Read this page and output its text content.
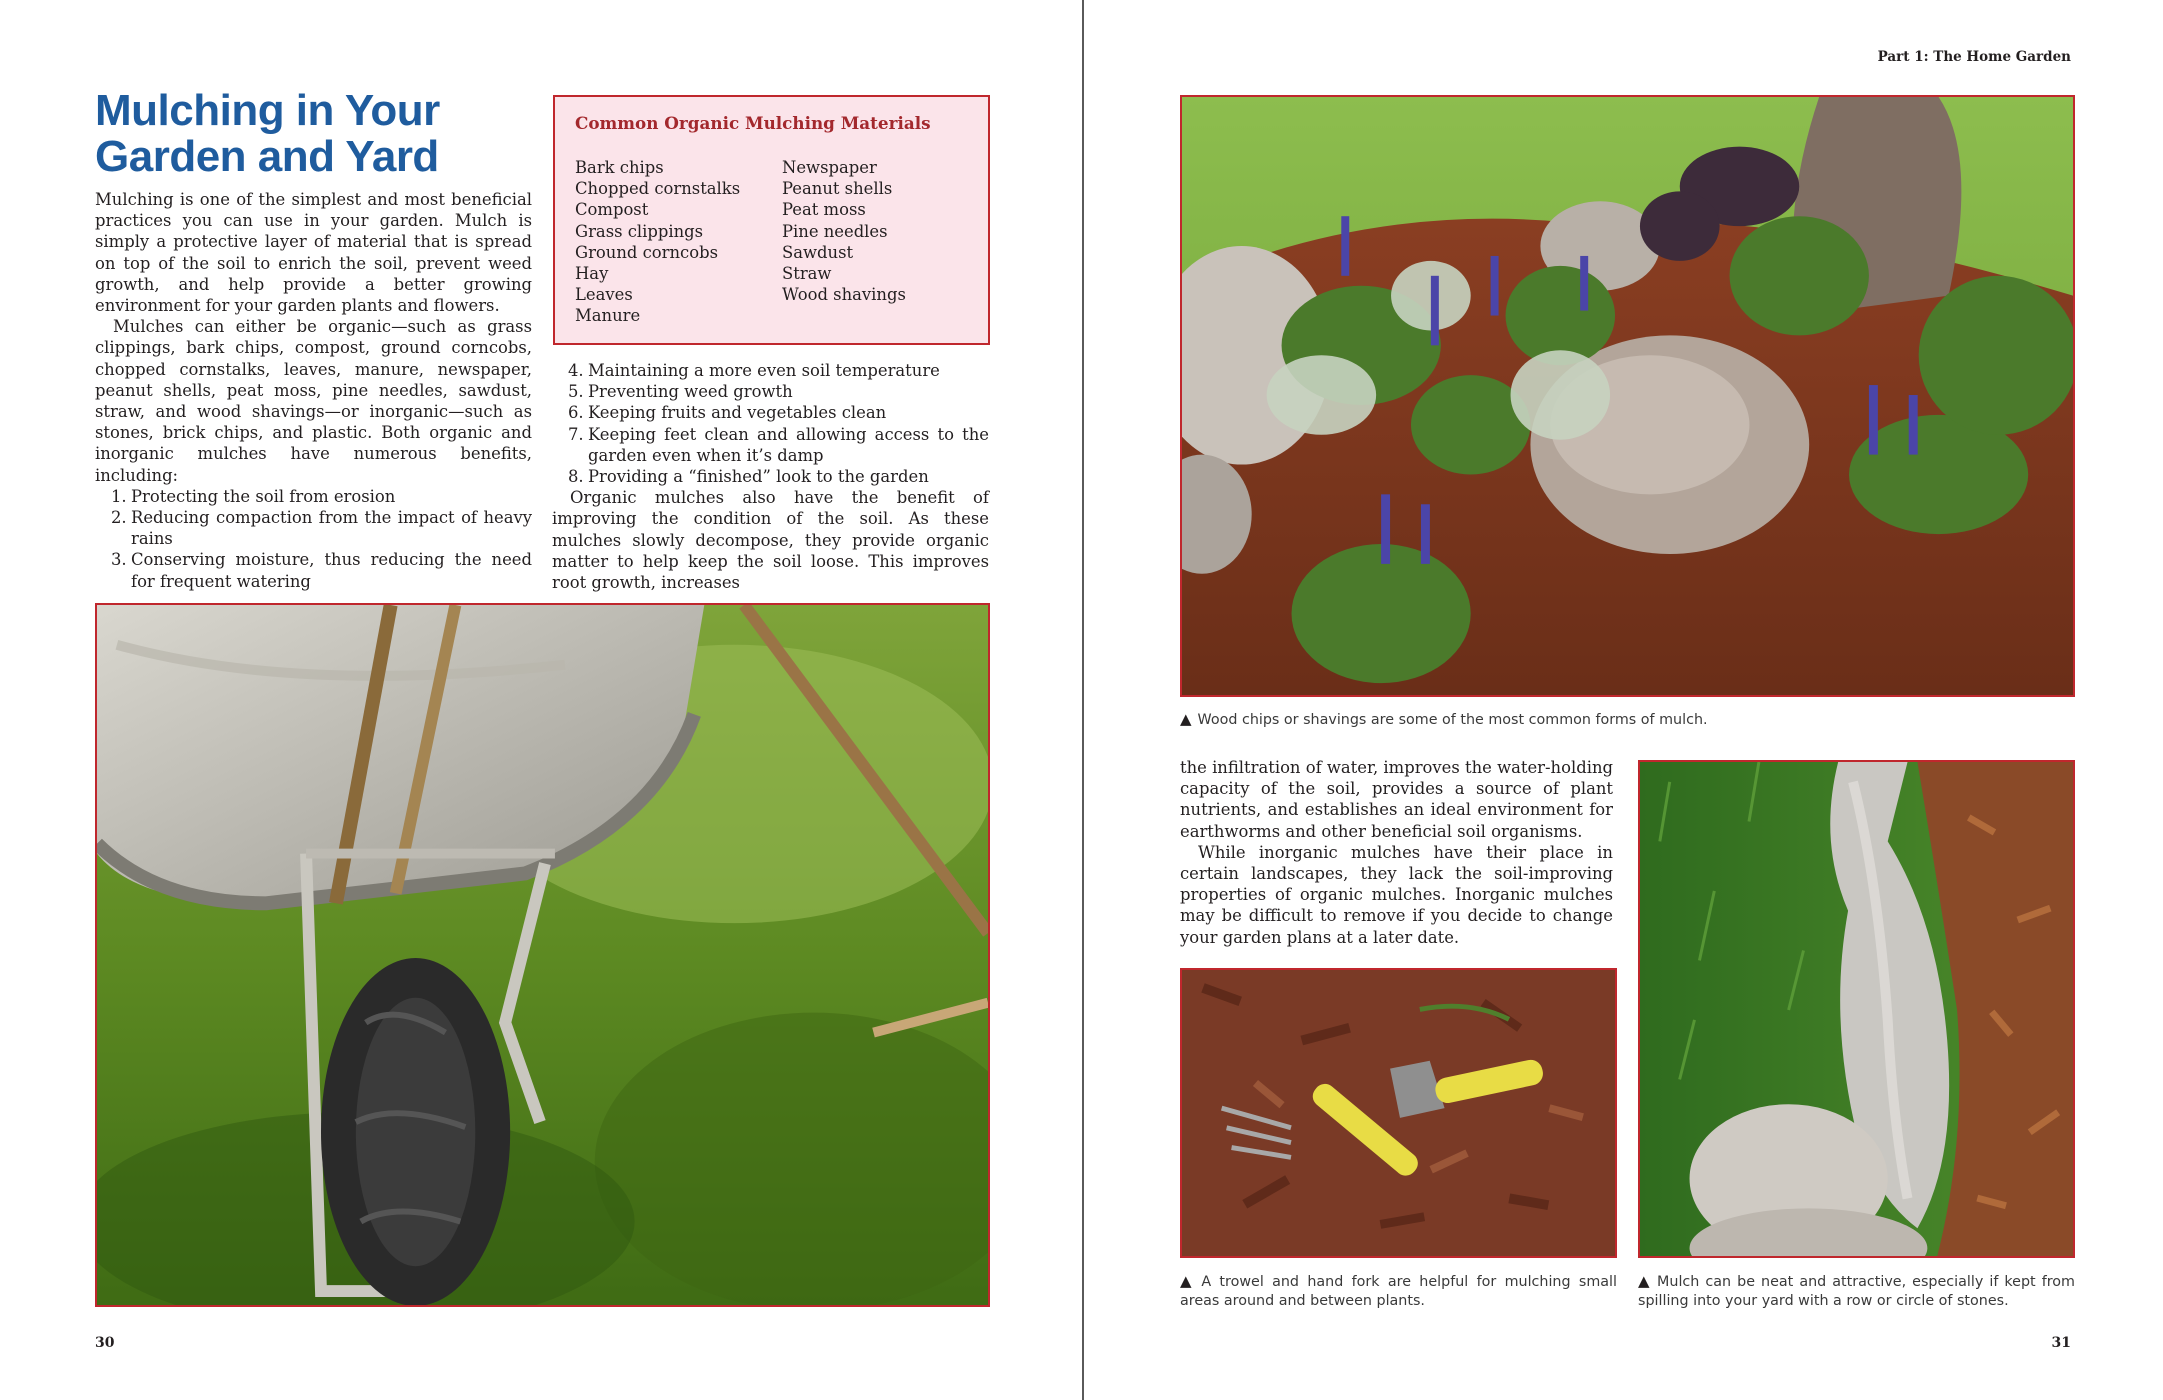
Mulching in Your
Garden and Yard

Mulching is one of the simplest and most beneficial practices you can use in your garden. Mulch is simply a protective layer of material that is spread on top of the soil to enrich the soil, prevent weed growth, and help provide a better growing environment for your garden plants and flowers.

Mulches can either be organic—such as grass clippings, bark chips, compost, ground corncobs, chopped cornstalks, leaves, manure, newspaper, peanut shells, peat moss, pine needles, sawdust, straw, and wood shavings—or inorganic—such as stones, brick chips, and plastic. Both organic and inorganic mulches have numerous benefits, including:

1. Protecting the soil from erosion
2. Reducing compaction from the impact of heavy rains
3. Conserving moisture, thus reducing the need for frequent watering
Common Organic Mulching Materials
Bark chips
Chopped cornstalks
Compost
Grass clippings
Ground corncobs
Hay
Leaves
Manure
Newspaper
Peanut shells
Peat moss
Pine needles
Sawdust
Straw
Wood shavings
4. Maintaining a more even soil temperature
5. Preventing weed growth
6. Keeping fruits and vegetables clean
7. Keeping feet clean and allowing access to the garden even when it’s damp
8. Providing a “finished” look to the garden

Organic mulches also have the benefit of improving the condition of the soil. As these mulches slowly decompose, they provide organic matter to help keep the soil loose. This improves root growth, increases

30
Part 1: The Home Garden
▲ Wood chips or shavings are some of the most common forms of mulch.

the infiltration of water, improves the water-holding capacity of the soil, provides a source of plant nutrients, and establishes an ideal environment for earthworms and other beneficial soil organisms.

While inorganic mulches have their place in certain landscapes, they lack the soil-improving properties of organic mulches. Inorganic mulches may be difficult to remove if you decide to change your garden plans at a later date.

▲ A trowel and hand fork are helpful for mulching small areas around and between plants.
▲ Mulch can be neat and attractive, especially if kept from spilling into your yard with a row or circle of stones.
31
